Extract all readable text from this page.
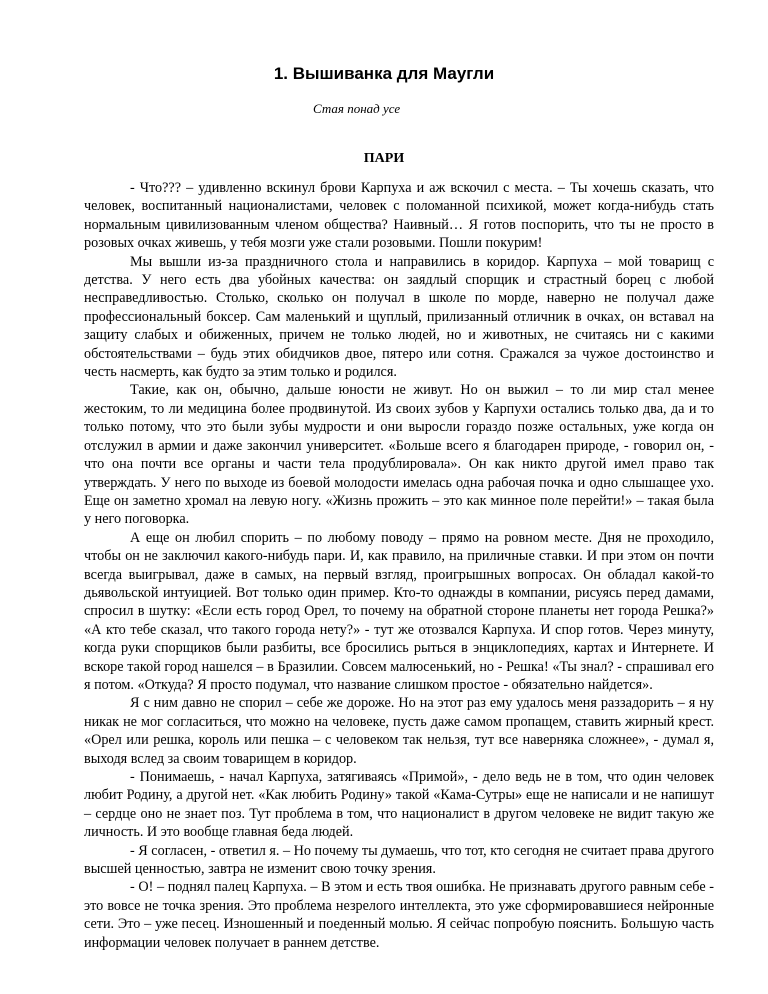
1. Вышиванка для Маугли
Стая понад усе
ПАРИ

- Что??? – удивленно вскинул брови Карпуха и аж вскочил с места. – Ты хочешь сказать, что человек, воспитанный националистами, человек с поломанной психикой, может когда-нибудь стать нормальным цивилизованным членом общества? Наивный… Я готов поспорить, что ты не просто в розовых очках живешь, у тебя мозги уже стали розовыми. Пошли покурим!

Мы вышли из-за праздничного стола и направились в коридор. Карпуха – мой товарищ с детства. У него есть два убойных качества: он заядлый спорщик и страстный борец с любой несправедливостью. Столько, сколько он получал в школе по морде, наверно не получал даже профессиональный боксер. Сам маленький и щуплый, прилизанный отличник в очках, он вставал на защиту слабых и обиженных, причем не только людей, но и животных, не считаясь ни с какими обстоятельствами – будь этих обидчиков двое, пятеро или сотня. Сражался за чужое достоинство и честь насмерть, как будто за этим только и родился.

Такие, как он, обычно, дальше юности не живут. Но он выжил – то ли мир стал менее жестоким, то ли медицина более продвинутой. Из своих зубов у Карпухи остались только два, да и то только потому, что это были зубы мудрости и они выросли гораздо позже остальных, уже когда он отслужил в армии и даже закончил университет. «Больше всего я благодарен природе, - говорил он, - что она почти все органы и части тела продублировала». Он как никто другой имел право так утверждать. У него по выходе из боевой молодости имелась одна рабочая почка и одно слышащее ухо. Еще он заметно хромал на левую ногу. «Жизнь прожить – это как минное поле перейти!» – такая была у него поговорка.

А еще он любил спорить – по любому поводу – прямо на ровном месте. Дня не проходило, чтобы он не заключил какого-нибудь пари. И, как правило, на приличные ставки. И при этом он почти всегда выигрывал, даже в самых, на первый взгляд, проигрышных вопросах. Он обладал какой-то дьявольской интуицией. Вот только один пример. Кто-то однажды в компании, рисуясь перед дамами, спросил в шутку: «Если есть город Орел, то почему на обратной стороне планеты нет города Решка?» «А кто тебе сказал, что такого города нету?» - тут же отозвался Карпуха. И спор готов. Через минуту, когда руки спорщиков были разбиты, все бросились рыться в энциклопедиях, картах и Интернете. И вскоре такой город нашелся – в Бразилии. Совсем малюсенький, но - Решка! «Ты знал? - спрашивал его я потом. «Откуда? Я просто подумал, что название слишком простое - обязательно найдется».

Я с ним давно не спорил – себе же дороже. Но на этот раз ему удалось меня раззадорить – я ну никак не мог согласиться, что можно на человеке, пусть даже самом пропащем, ставить жирный крест. «Орел или решка, король или пешка – с человеком так нельзя, тут все наверняка сложнее», - думал я, выходя вслед за своим товарищем в коридор.

- Понимаешь, - начал Карпуха, затягиваясь «Примой», - дело ведь не в том, что один человек любит Родину, а другой нет. «Как любить Родину» такой «Кама-Сутры» еще не написали и не напишут – сердце оно не знает поз. Тут проблема в том, что националист в другом человеке не видит такую же личность. И это вообще главная беда людей.

- Я согласен, - ответил я. – Но почему ты думаешь, что тот, кто сегодня не считает права другого высшей ценностью, завтра не изменит свою точку зрения.

- О! – поднял палец Карпуха. – В этом и есть твоя ошибка. Не признавать другого равным себе - это вовсе не точка зрения. Это проблема незрелого интеллекта, это уже сформировавшиеся нейронные сети. Это – уже песец. Изношенный и поеденный молью. Я сейчас попробую пояснить. Большую часть информации человек получает в раннем детстве.
